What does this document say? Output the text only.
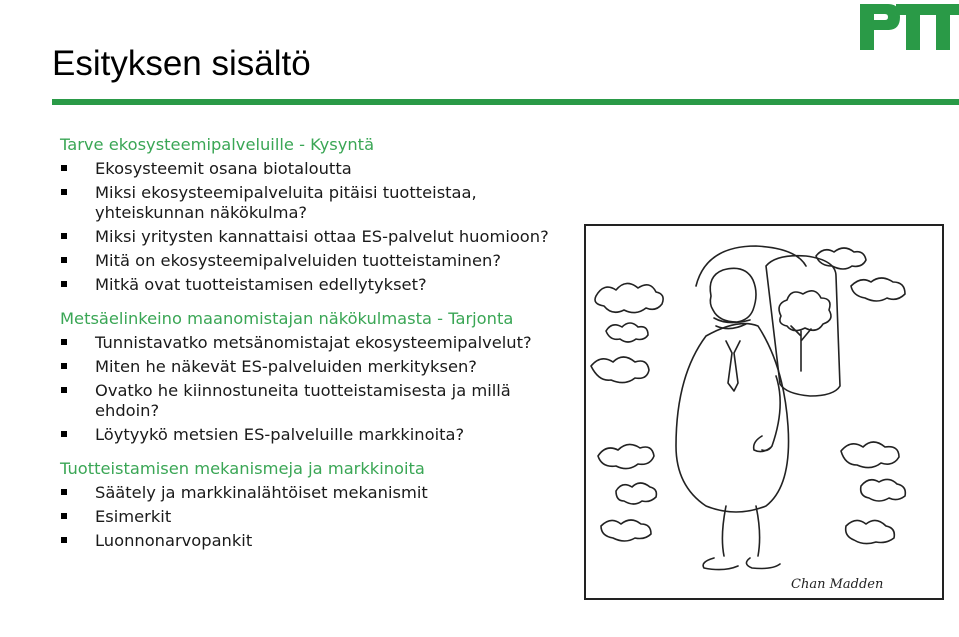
Esityksen sisältö

Tarve ekosysteemipalveluille - Kysyntä

Ekosysteemit osana biotaloutta
Miksi ekosysteemipalveluita pitäisi tuotteistaa, yhteiskunnan näkökulma?
Miksi yritysten kannattaisi ottaa ES-palvelut huomioon?
Mitä on ekosysteemipalveluiden tuotteistaminen?
Mitkä ovat tuotteistamisen edellytykset?

Metsäelinkeino maanomistajan näkökulmasta - Tarjonta

Tunnistavatko metsänomistajat ekosysteemipalvelut?
Miten he näkevät ES-palveluiden merkityksen?
Ovatko he kiinnostuneita tuotteistamisesta ja millä ehdoin?
Löytyykö metsien ES-palveluille markkinoita?

Tuotteistamisen mekanismeja ja markkinoita

Säätely ja markkinalähtöiset mekanismit
Esimerkit
Luonnonarvopankit
Chan Madden
